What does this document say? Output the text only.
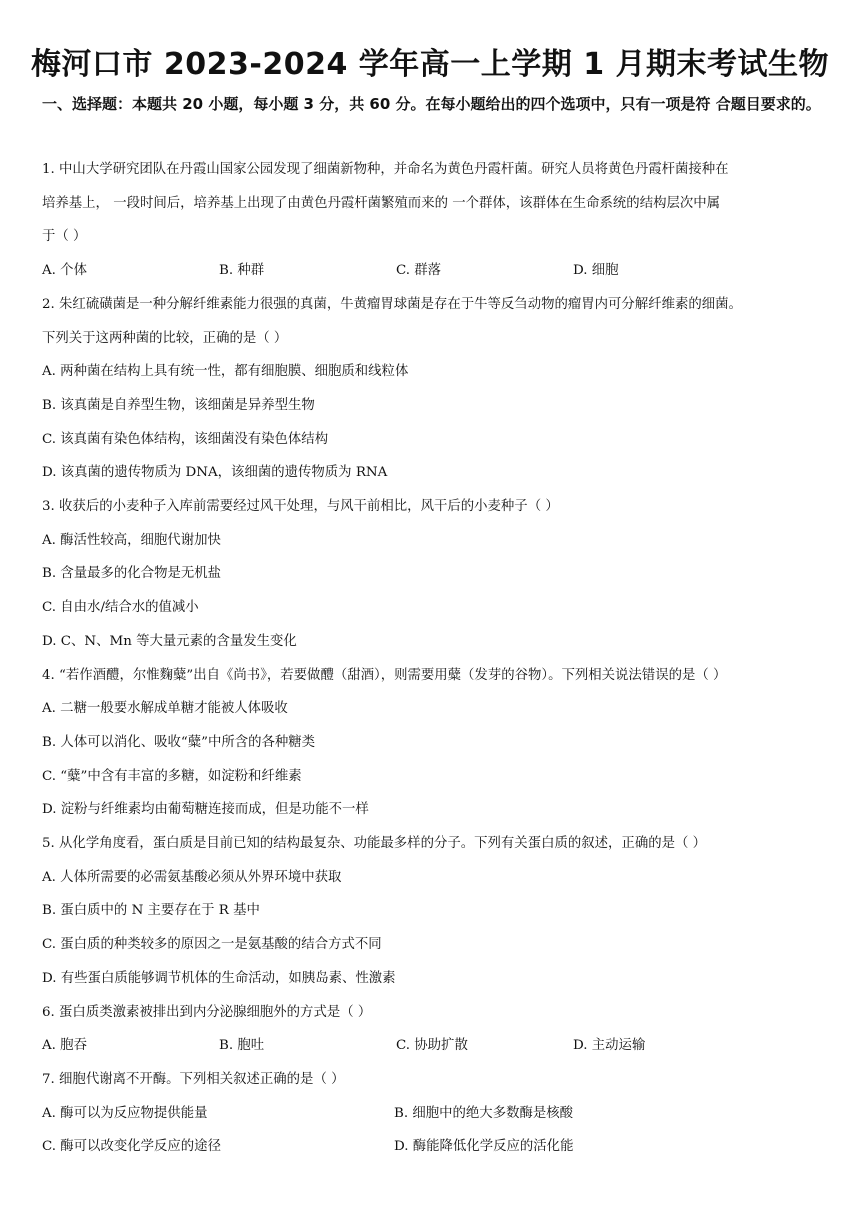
梅河口市 2023-2024 学年高一上学期 1 月期末考试生物
一、选择题：本题共 20 小题，每小题 3 分，共 60 分。在每小题给出的四个选项中，只有一项是符 合题目要求的。
1. 中山大学研究团队在丹霞山国家公园发现了细菌新物种，并命名为黄色丹霞杆菌。研究人员将黄色丹霞杆菌接种在
培养基上， 一段时间后，培养基上出现了由黄色丹霞杆菌繁殖而来的 一个群体，该群体在生命系统的结构层次中属
于（ ）
A. 个体	B. 种群	C. 群落	D. 细胞
2. 朱红硫磺菌是一种分解纤维素能力很强的真菌，牛黄瘤胃球菌是存在于牛等反刍动物的瘤胃内可分解纤维素的细菌。
下列关于这两种菌的比较，正确的是（ ）
A. 两种菌在结构上具有统一性，都有细胞膜、细胞质和线粒体
B. 该真菌是自养型生物，该细菌是异养型生物
C. 该真菌有染色体结构，该细菌没有染色体结构
D. 该真菌的遗传物质为 DNA，该细菌的遗传物质为 RNA
3. 收获后的小麦种子入库前需要经过风干处理，与风干前相比，风干后的小麦种子（ ）
A. 酶活性较高，细胞代谢加快
B. 含量最多的化合物是无机盐
C. 自由水/结合水的值减小
D. C、N、Mn 等大量元素的含量发生变化
4. “若作酒醴，尔惟麴糵”出自《尚书》，若要做醴（甜酒），则需要用糵（发芽的谷物）。下列相关说法错误的是（ ）
A. 二糖一般要水解成单糖才能被人体吸收
B. 人体可以消化、吸收“糵”中所含的各种糖类
C. “糵”中含有丰富的多糖，如淀粉和纤维素
D. 淀粉与纤维素均由葡萄糖连接而成，但是功能不一样
5. 从化学角度看，蛋白质是目前已知的结构最复杂、功能最多样的分子。下列有关蛋白质的叙述，正确的是（ ）
A. 人体所需要的必需氨基酸必须从外界环境中获取
B. 蛋白质中的 N 主要存在于 R 基中
C. 蛋白质的种类较多的原因之一是氨基酸的结合方式不同
D. 有些蛋白质能够调节机体的生命活动，如胰岛素、性激素
6. 蛋白质类激素被排出到内分泌腺细胞外的方式是（ ）
A. 胞吞	B. 胞吐	C. 协助扩散	D. 主动运输
7. 细胞代谢离不开酶。下列相关叙述正确的是（ ）
A. 酶可以为反应物提供能量	B. 细胞中的绝大多数酶是核酸
C. 酶可以改变化学反应的途径	D. 酶能降低化学反应的活化能
